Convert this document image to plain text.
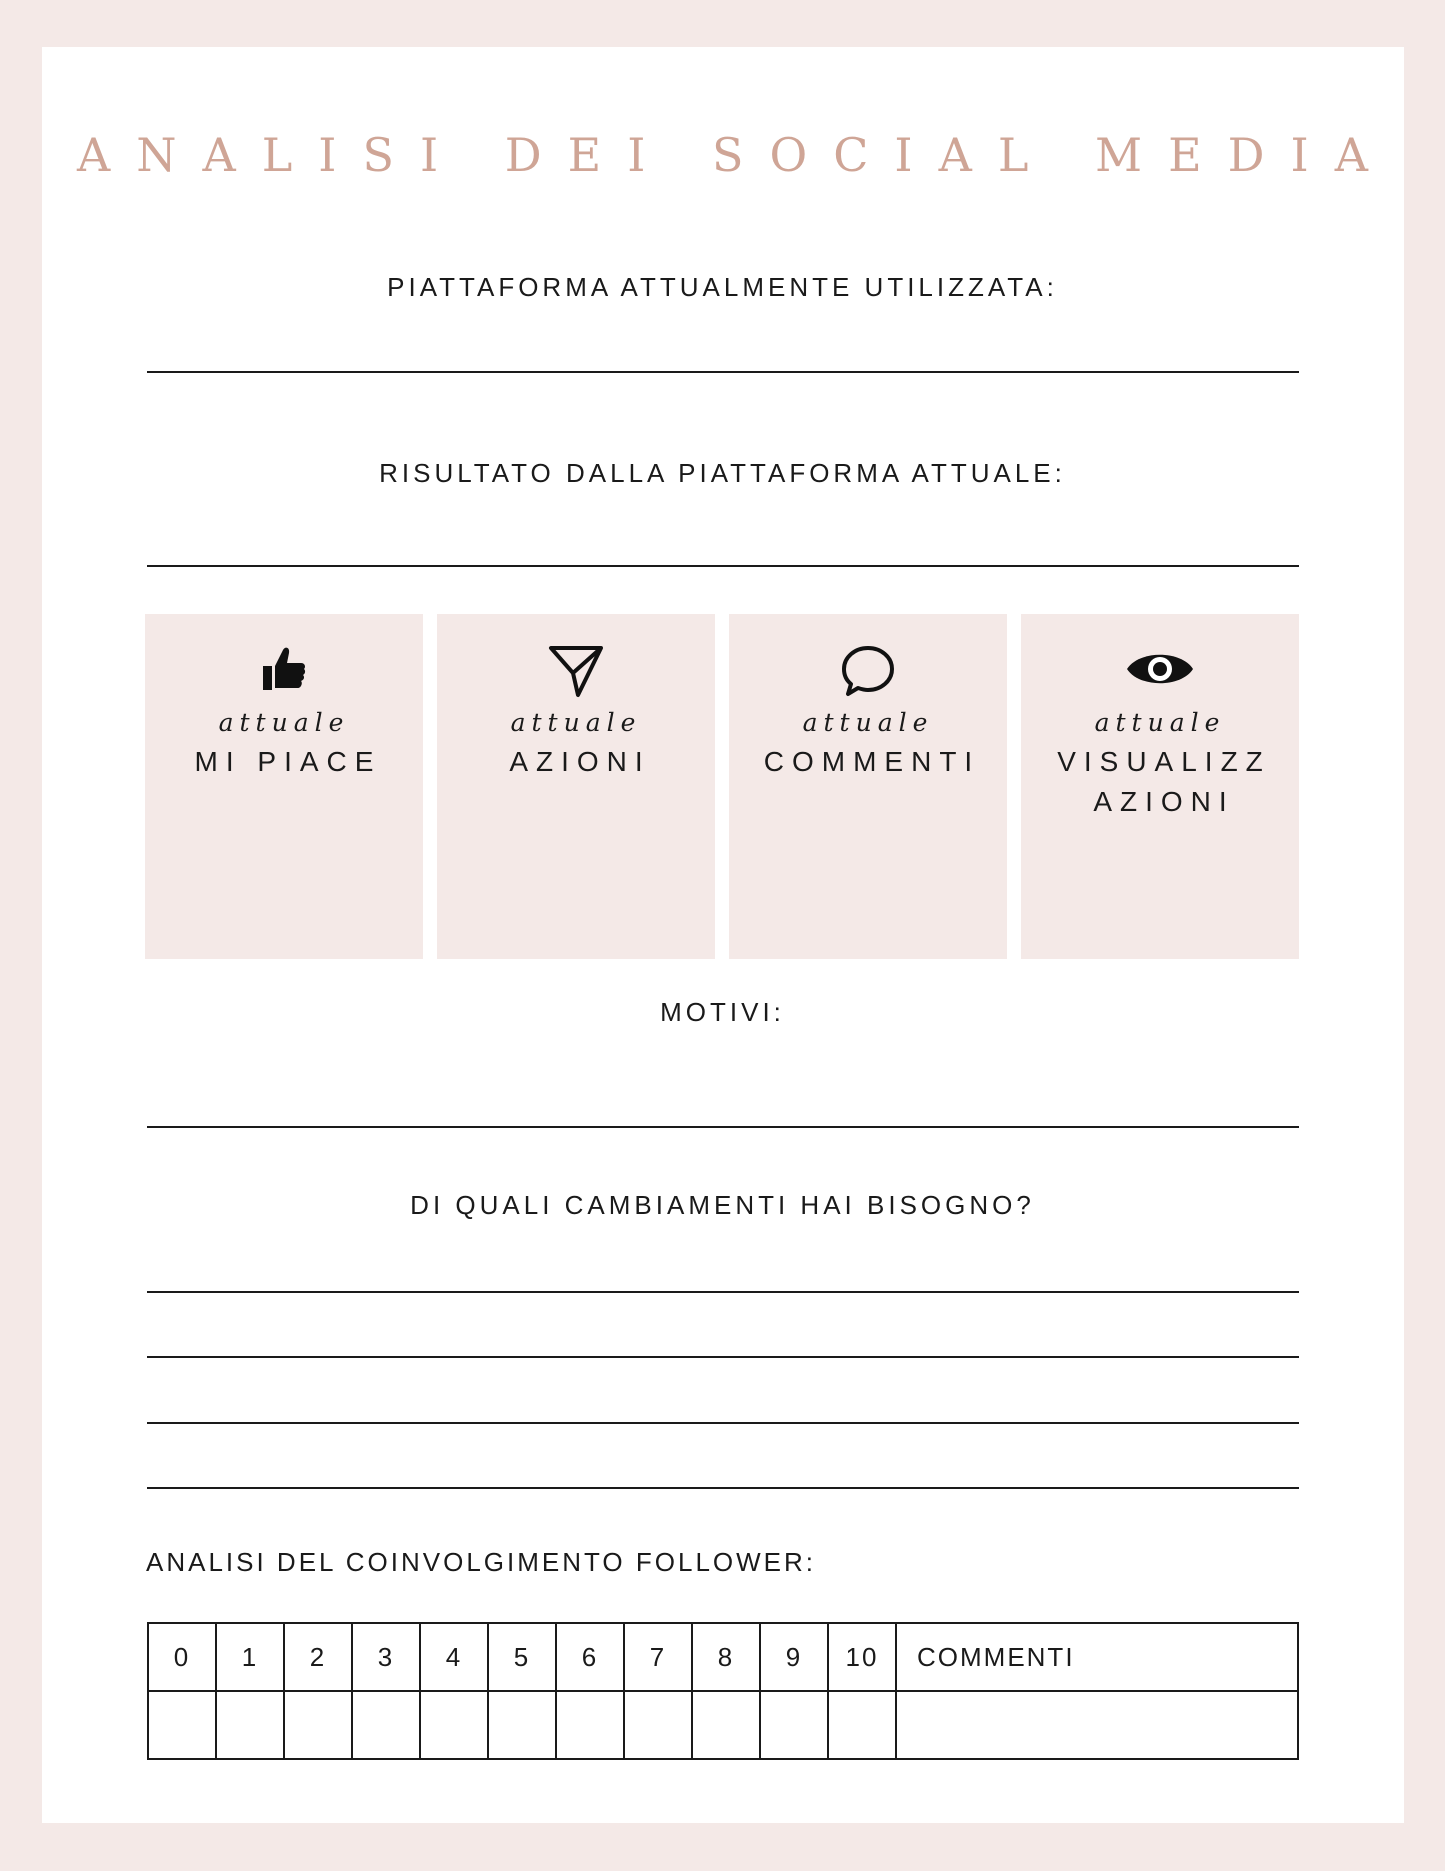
ANALISI DEI SOCIAL MEDIA
PIATTAFORMA ATTUALMENTE UTILIZZATA:
RISULTATO DALLA PIATTAFORMA ATTUALE:
attuale
MI PIACE
attuale
AZIONI
attuale
COMMENTI
attuale
VISUALIZZ
AZIONI
MOTIVI:
DI QUALI CAMBIAMENTI HAI BISOGNO?
ANALISI DEL COINVOLGIMENTO FOLLOWER:
0	1	2	3	4	5	6	7	8	9	10	COMMENTI
